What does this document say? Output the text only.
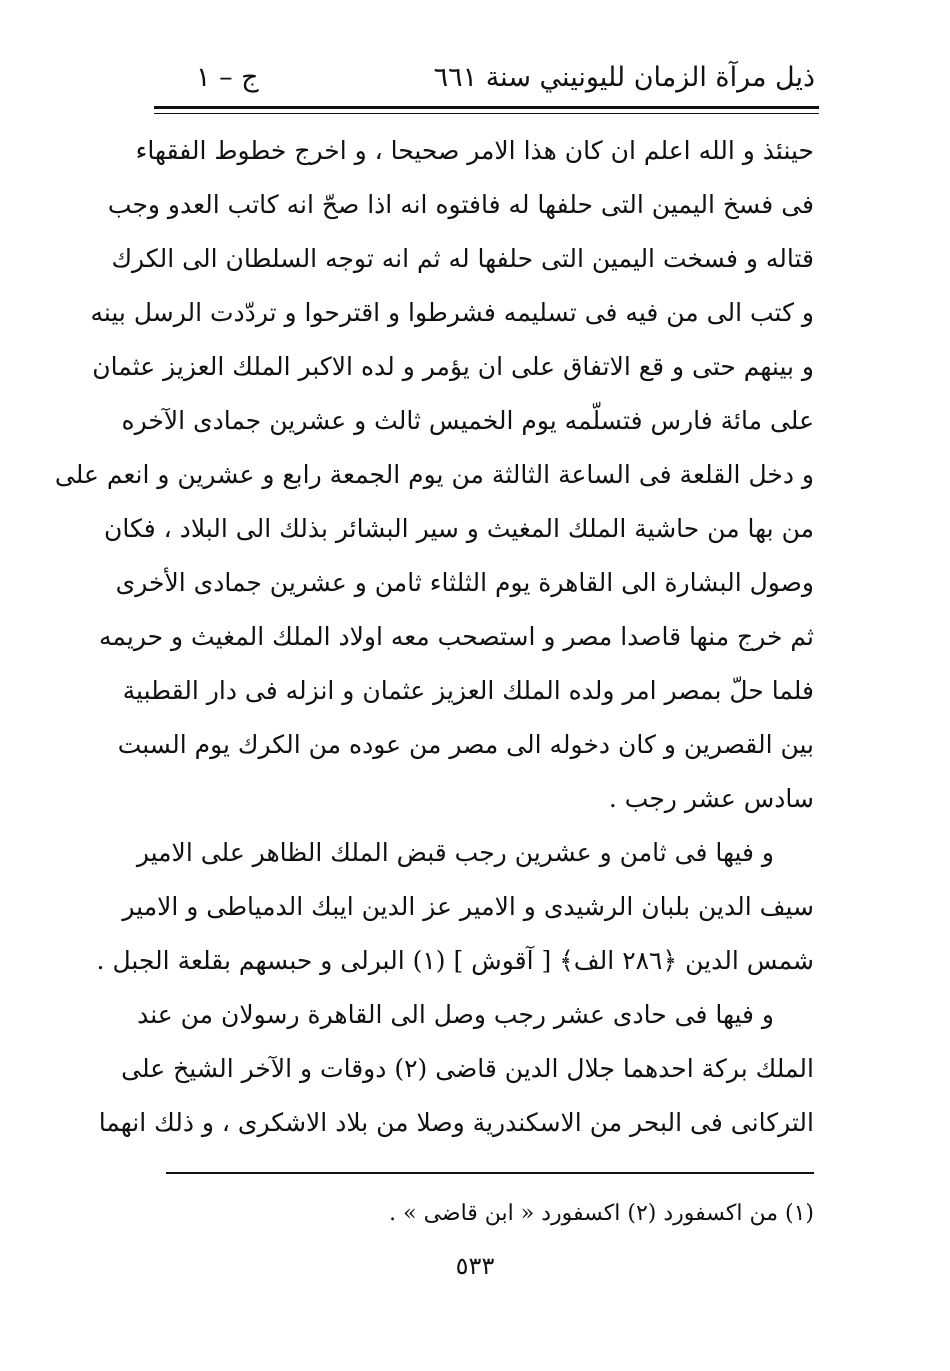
ذيل مرآة الزمان لليونيني سنة ٦٦١
ج – ١
حينئذ و الله اعلم ان كان هذا الامر صحيحا ، و اخرج خطوط الفقهاء
فى فسخ اليمين التى حلفها له فافتوه انه اذا صحّ انه كاتب العدو وجب
قتاله و فسخت اليمين التى حلفها له ثم انه توجه السلطان الى الكرك
و كتب الى من فيه فى تسليمه فشرطوا و اقترحوا و تردّدت الرسل بينه
و بينهم حتى و قع الاتفاق على ان يؤمر و لده الاكبر الملك العزيز عثمان
على مائة فارس فتسلّمه يوم الخميس ثالث و عشرين جمادى الآخره
و دخل القلعة فى الساعة الثالثة من يوم الجمعة رابع و عشرين و انعم على
من بها من حاشية الملك المغيث و سير البشائر بذلك الى البلاد ، فكان
وصول البشارة الى القاهرة يوم الثلثاء ثامن و عشرين جمادى الأخرى
ثم خرج منها قاصدا مصر و استصحب معه اولاد الملك المغيث و حريمه
فلما حلّ بمصر امر ولده الملك العزيز عثمان و انزله فى دار القطبية
بين القصرين و كان دخوله الى مصر من عوده من الكرك يوم السبت
سادس عشر رجب .
و فيها فى ثامن و عشرين رجب قبض الملك الظاهر على الامير
سيف الدين بلبان الرشيدى و الامير عز الدين ايبك الدمياطى و الامير
شمس الدين ﴿٢٨٦ الف﴾ [ آقوش ] (١) البرلى و حبسهم بقلعة الجبل .
و فيها فى حادى عشر رجب وصل الى القاهرة رسولان من عند
الملك بركة احدهما جلال الدين قاضى (٢) دوقات و الآخر الشيخ على
التركانى فى البحر من الاسكندرية وصلا من بلاد الاشكرى ، و ذلك انهما
(١) من اكسفورد (٢) اكسفورد « ابن قاضى » .
٥٣٣
